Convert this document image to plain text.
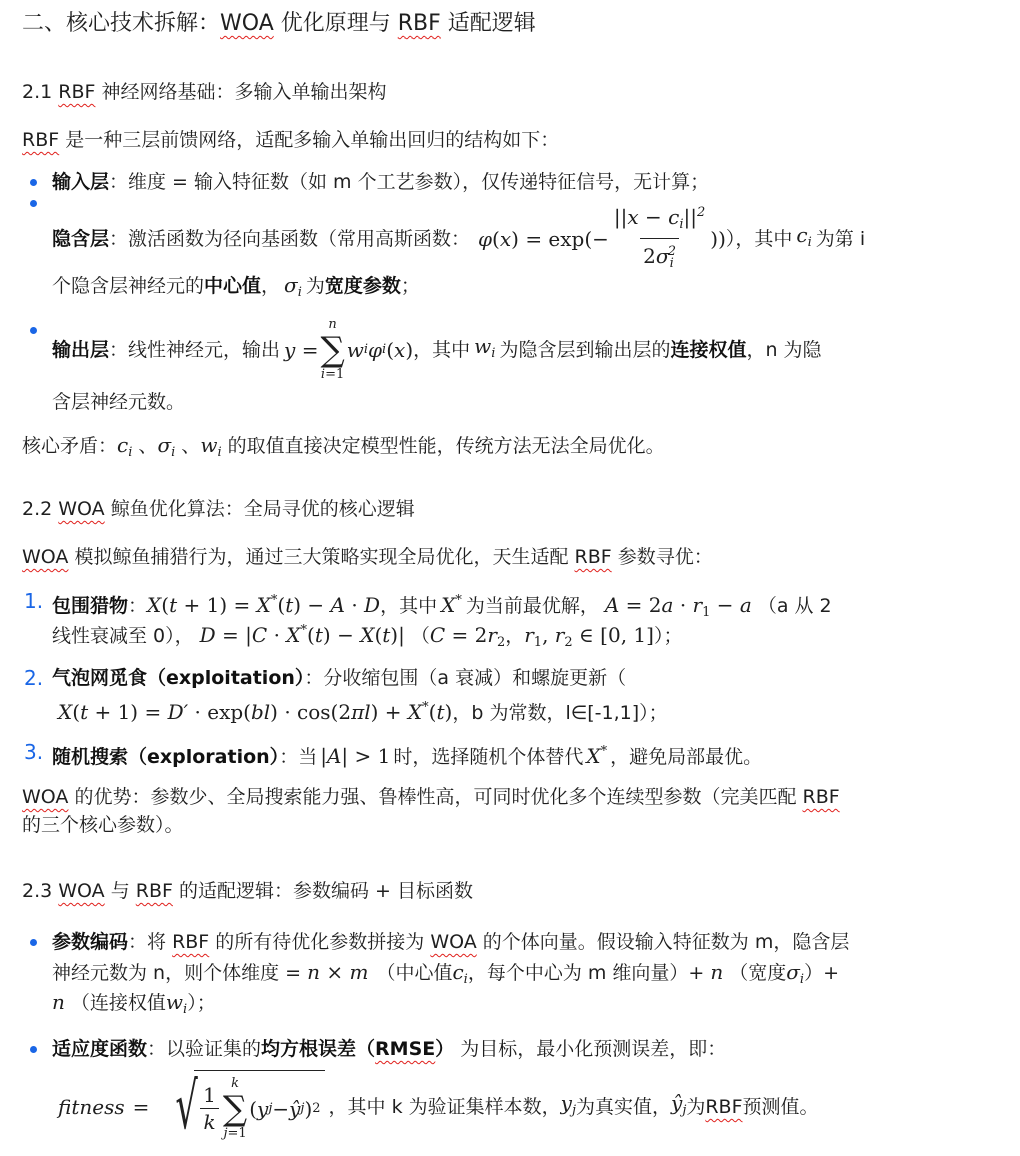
二、核心技术拆解：WOA 优化原理与 RBF 适配逻辑
2.1 RBF 神经网络基础：多输入单输出架构
RBF 是一种三层前馈网络，适配多输入单输出回归的结构如下：
输入层：维度 = 输入特征数（如 m 个工艺参数），仅传递特征信号，无计算；
隐含层 ：激活函数为径向基函数（常用高斯函数： φ ( x )
= $\exp(- \frac{||x - c_i||^2}{2\sigma_i^2}$ )) ），其中 $c_i$ 为第 i
个隐含层神经元的中心值， $\sigma_i$ 为宽度参数；
输出层 ：线性神经元，输出 y =
n
∑
i=1
w i φ i ( x ) ，其中 $w_i$ 为隐含层到输出层的 连接权值 ，n 为隐
含层神经元数。
核心矛盾：$c_i$ 、$\sigma_i$ 、$w_i$ 的取值直接决定模型性能，传统方法无法全局优化。
2.2 WOA 鲸鱼优化算法：全局寻优的核心逻辑
WOA 模拟鲸鱼捕猎行为，通过三大策略实现全局优化，天生适配 RBF 参数寻优：
1. 包围猎物：X(t + 1) = X*(t) − A · D，其中 X* 为当前最优解， $A = 2a \cdot r_1 - a$ （a 从 2
线性衰减至 0）， D = |C · X*(t) − X(t)| （$C = 2r_2$，$r_1$, $r_2$ ∈ [0, 1]）；
2. 气泡网觅食（exploitation）：分收缩包围（a 衰减）和螺旋更新（
X(t + 1) = D′ · exp(bl) · cos(2πl) + X*(t)，b 为常数，l∈[-1,1]）；
3. 随机搜索（exploration）：当 |A| > 1 时，选择随机个体替代 X* ，避免局部最优。
WOA 的优势：参数少、全局搜索能力强、鲁棒性高，可同时优化多个连续型参数（完美匹配 RBF
的三个核心参数）。
2.3 WOA 与 RBF 的适配逻辑：参数编码 + 目标函数
参数编码：将 RBF 的所有待优化参数拼接为 WOA 的个体向量。假设输入特征数为 m，隐含层
神经元数为 n，则个体维度 = n × m （中心值$c_i$，每个中心为 m 维向量）+ n （宽度$\sigma_i)+$
n （连接权值$w_i$）；
适应度函数：以验证集的均方根误差（RMSE） 为目标，最小化预测误差，即：
fitness = √ $\frac{1}{k}$ k
∑
j=1
( y j − ŷ j ) 2 ，其中 k 为验证集样本数， $y_j$ 为真实值， $ŷ_j$ 为 RBF 预测值。
